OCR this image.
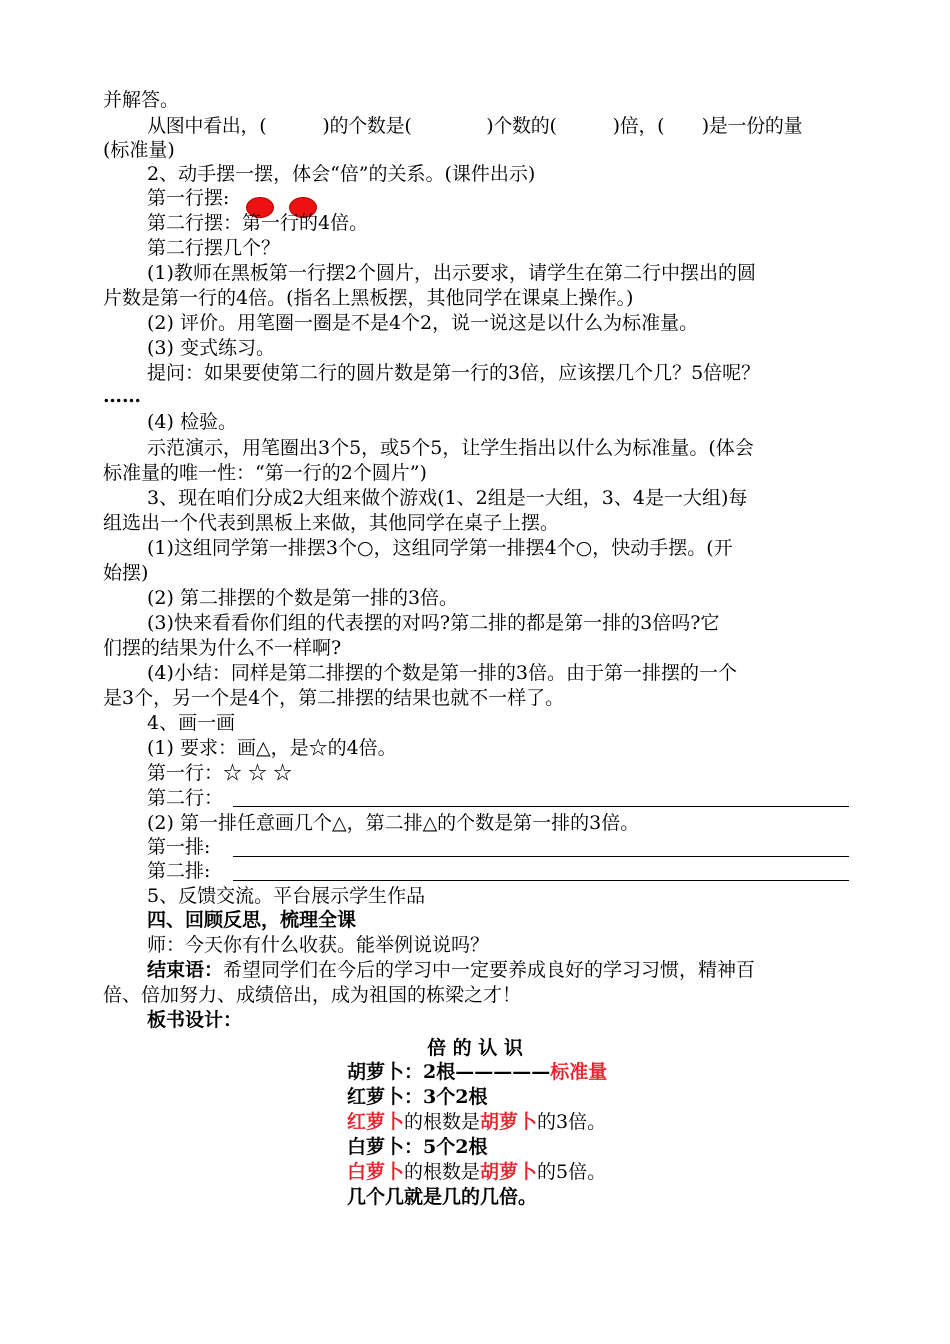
并解答。
从图中看出，(　　　)的个数是(　　　　)个数的(　　　)倍，(　　)是一份的量
(标准量)
2、动手摆一摆，体会“倍”的关系。(课件出示)
第一行摆:
第二行摆：第一行的4倍。
第二行摆几个？
(1)教师在黑板第一行摆2个圆片，出示要求，请学生在第二行中摆出的圆
片数是第一行的4倍。(指名上黑板摆，其他同学在课桌上操作。)
(2) 评价。用笔圈一圈是不是4个2，说一说这是以什么为标准量。
(3) 变式练习。
提问：如果要使第二行的圆片数是第一行的3倍，应该摆几个几？5倍呢？
……
(4) 检验。
示范演示，用笔圈出3个5，或5个5，让学生指出以什么为标准量。(体会
标准量的唯一性：“第一行的2个圆片”)
3、现在咱们分成2大组来做个游戏(1、2组是一大组，3、4是一大组)每
组选出一个代表到黑板上来做，其他同学在桌子上摆。
(1)这组同学第一排摆3个○，这组同学第一排摆4个○，快动手摆。(开
始摆)
(2) 第二排摆的个数是第一排的3倍。
(3)快来看看你们组的代表摆的对吗?第二排的都是第一排的3倍吗?它
们摆的结果为什么不一样啊?
(4)小结：同样是第二排摆的个数是第一排的3倍。由于第一排摆的一个
是3个，另一个是4个，第二排摆的结果也就不一样了。
4、画一画
(1) 要求：画△，是☆的4倍。
第一行：☆ ☆ ☆
第二行：
(2) 第一排任意画几个△，第二排△的个数是第一排的3倍。
第一排:
第二排:
5、反馈交流。平台展示学生作品
四、回顾反思，梳理全课
师：今天你有什么收获。能举例说说吗？
结束语：希望同学们在今后的学习中一定要养成良好的学习习惯，精神百
倍、倍加努力、成绩倍出，成为祖国的栋梁之才！
板书设计：
倍 的 认 识
胡萝卜：2根—————标准量
红萝卜：3个2根
红萝卜的根数是胡萝卜的3倍。
白萝卜：5个2根
白萝卜的根数是胡萝卜的5倍。
几个几就是几的几倍。
